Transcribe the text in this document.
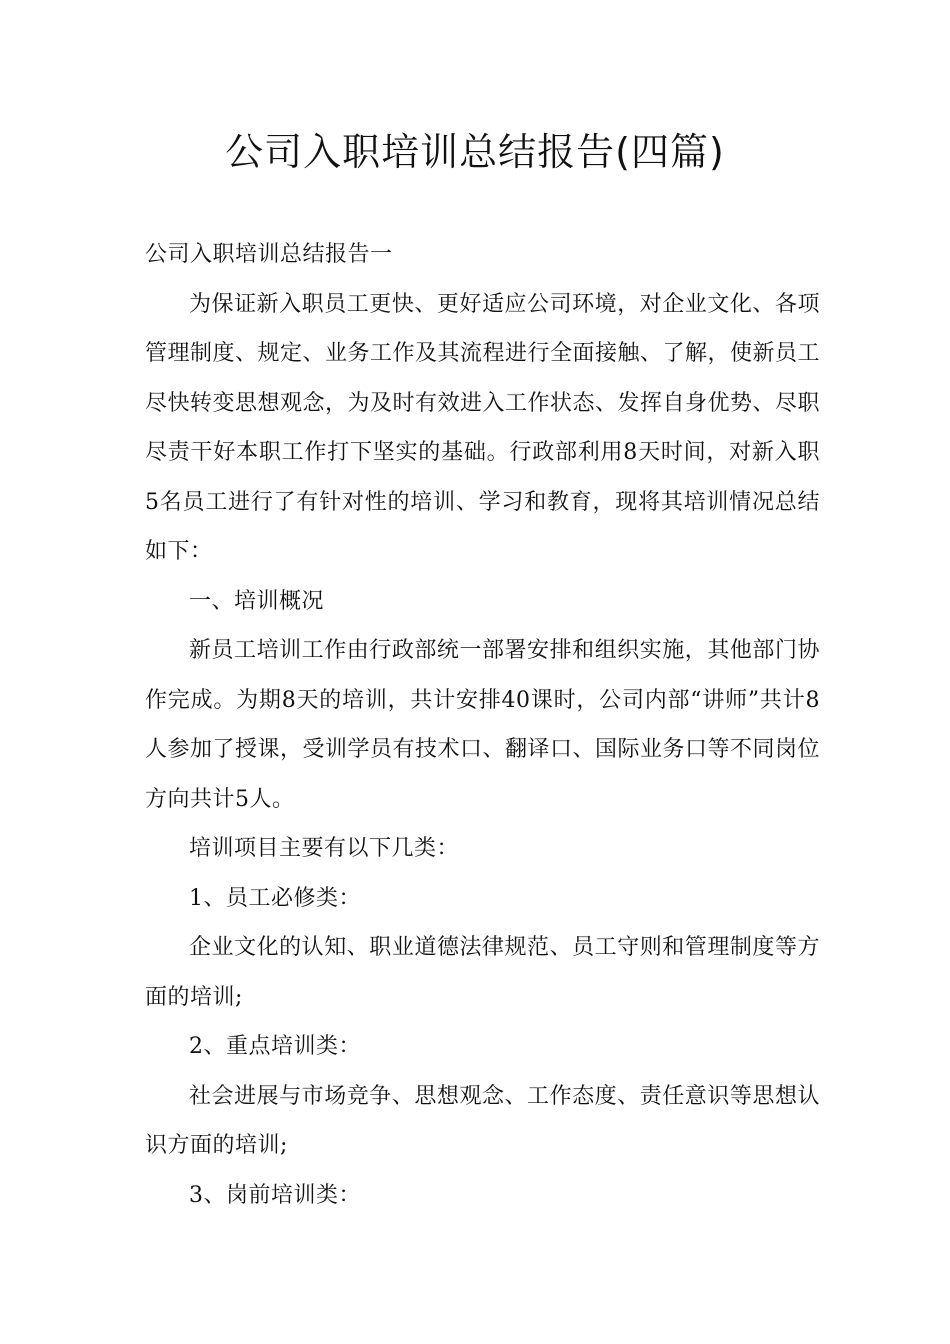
公司入职培训总结报告(四篇)

公司入职培训总结报告一

为保证新入职员工更快、更好适应公司环境，对企业文化、各项管理制度、规定、业务工作及其流程进行全面接触、了解，使新员工尽快转变思想观念，为及时有效进入工作状态、发挥自身优势、尽职尽责干好本职工作打下坚实的基础。行政部利用8天时间，对新入职5名员工进行了有针对性的培训、学习和教育，现将其培训情况总结如下：

一、培训概况

新员工培训工作由行政部统一部署安排和组织实施，其他部门协作完成。为期8天的培训，共计安排40课时，公司内部“讲师”共计8人参加了授课，受训学员有技术口、翻译口、国际业务口等不同岗位方向共计5人。

培训项目主要有以下几类：

1、员工必修类：

企业文化的认知、职业道德法律规范、员工守则和管理制度等方面的培训;

2、重点培训类：

社会进展与市场竞争、思想观念、工作态度、责任意识等思想认识方面的培训;

3、岗前培训类：
